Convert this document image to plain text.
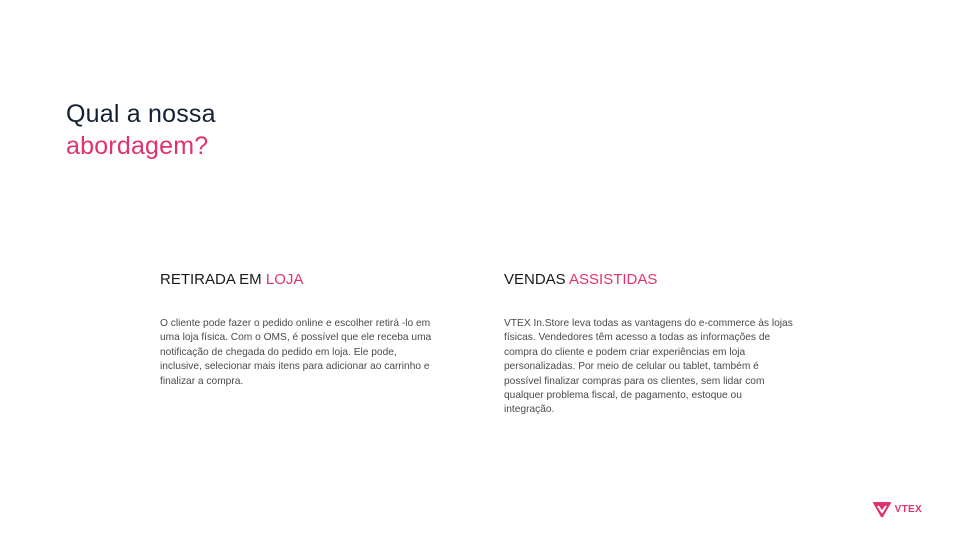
Qual a nossa
abordagem?
RETIRADA EM LOJA

O cliente pode fazer o pedido online e escolher retirá -lo em uma loja física. Com o OMS, é possível que ele receba uma notificação de chegada do pedido em loja. Ele pode, inclusive, selecionar mais itens para adicionar ao carrinho e finalizar a compra.

VENDAS ASSISTIDAS

VTEX In.Store leva todas as vantagens do e-commerce às lojas físicas. Vendedores têm acesso a todas as informações de compra do cliente e podem criar experiências em loja personalizadas. Por meio de celular ou tablet, também é possível finalizar compras para os clientes, sem lidar com qualquer problema fiscal, de pagamento, estoque ou integração.

VTEX
